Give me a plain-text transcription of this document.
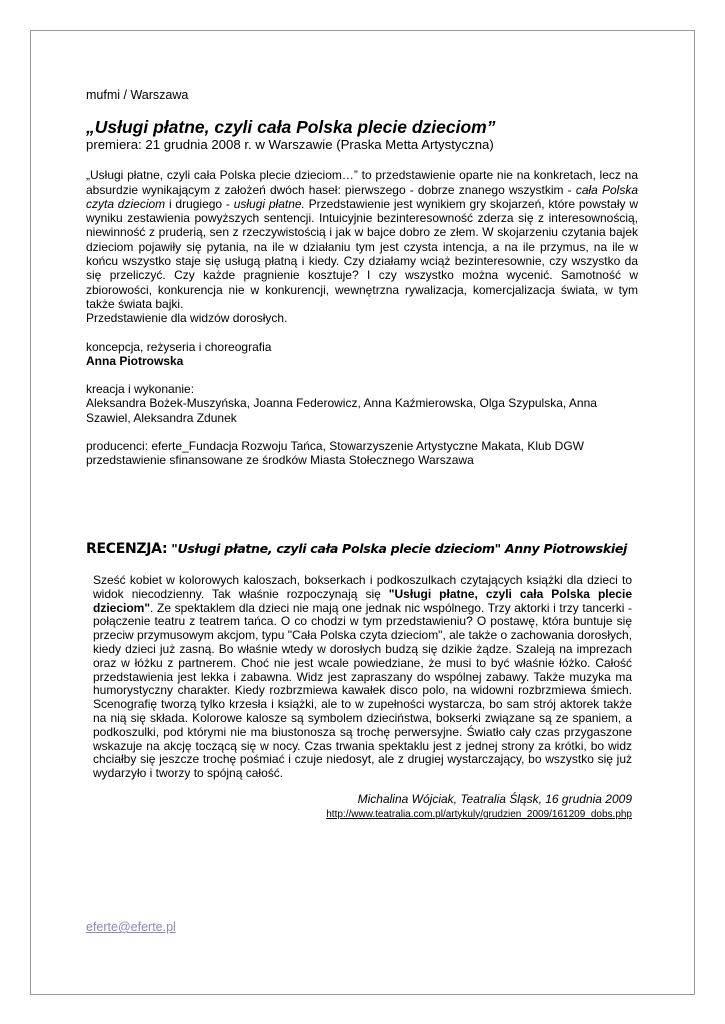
mufmi / Warszawa

„Usługi płatne, czyli cała Polska plecie dzieciom”

premiera: 21 grudnia 2008 r. w Warszawie (Praska Metta Artystyczna)

„Usługi płatne, czyli cała Polska plecie dzieciom…” to przedstawienie oparte nie na konkretach, lecz na absurdzie wynikającym z założeń dwóch haseł: pierwszego - dobrze znanego wszystkim - cała Polska czyta dzieciom i drugiego - usługi płatne. Przedstawienie jest wynikiem gry skojarzeń, które powstały w wyniku zestawienia powyższych sentencji. Intuicyjnie bezinteresowność zderza się z interesownością, niewinność z pruderią, sen z rzeczywistością i jak w bajce dobro ze złem. W skojarzeniu czytania bajek dzieciom pojawiły się pytania, na ile w działaniu tym jest czysta intencja, a na ile przymus, na ile w końcu wszystko staje się usługą płatną i kiedy. Czy działamy wciąż bezinteresownie, czy wszystko da się przeliczyć. Czy każde pragnienie kosztuje? I czy wszystko można wycenić. Samotność w zbiorowości, konkurencja nie w konkurencji, wewnętrzna rywalizacja, komercjalizacja świata, w tym także świata bajki.
Przedstawienie dla widzów dorosłych.

koncepcja, reżyseria i choreografia
Anna Piotrowska

kreacja i wykonanie:
Aleksandra Bożek-Muszyńska, Joanna Federowicz, Anna Kaźmierowska, Olga Szypulska, Anna Szawiel, Aleksandra Zdunek

producenci: eferte_Fundacja Rozwoju Tańca, Stowarzyszenie Artystyczne Makata, Klub DGW
przedstawienie sfinansowane ze środków Miasta Stołecznego Warszawa

RECENZJA: "Usługi płatne, czyli cała Polska plecie dzieciom" Anny Piotrowskiej

Sześć kobiet w kolorowych kaloszach, bokserkach i podkoszulkach czytających książki dla dzieci to widok niecodzienny. Tak właśnie rozpoczynają się "Usługi płatne, czyli cała Polska plecie dzieciom". Ze spektaklem dla dzieci nie mają one jednak nic wspólnego. Trzy aktorki i trzy tancerki - połączenie teatru z teatrem tańca. O co chodzi w tym przedstawieniu? O postawę, która buntuje się przeciw przymusowym akcjom, typu "Cała Polska czyta dzieciom", ale także o zachowania dorosłych, kiedy dzieci już zasną. Bo właśnie wtedy w dorosłych budzą się dzikie żądze. Szaleją na imprezach oraz w łóżku z partnerem. Choć nie jest wcale powiedziane, że musi to być właśnie łóżko. Całość przedstawienia jest lekka i zabawna. Widz jest zapraszany do wspólnej zabawy. Także muzyka ma humorystyczny charakter. Kiedy rozbrzmiewa kawałek disco polo, na widowni rozbrzmiewa śmiech. Scenografię tworzą tylko krzesła i książki, ale to w zupełności wystarcza, bo sam strój aktorek także na nią się składa. Kolorowe kalosze są symbolem dzieciństwa, bokserki związane są ze spaniem, a podkoszulki, pod którymi nie ma biustonosza są trochę perwersyjne. Światło cały czas przygaszone wskazuje na akcję toczącą się w nocy. Czas trwania spektaklu jest z jednej strony za krótki, bo widz chciałby się jeszcze trochę pośmiać i czuje niedosyt, ale z drugiej wystarczający, bo wszystko się już wydarzyło i tworzy to spójną całość.

Michalina Wójciak, Teatralia Śląsk, 16 grudnia 2009

http://www.teatralia.com.pl/artykuly/grudzien_2009/161209_dobs.php

eferte@eferte.pl
